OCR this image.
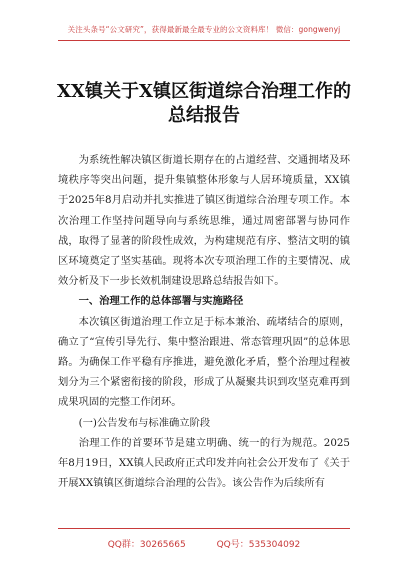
关注头条号“公文研究”，获得最新最全最专业的公文资料库！ 微信：gongwenyj
XX镇关于X镇区街道综合治理工作的
总结报告

为系统性解决镇区街道长期存在的占道经营、交通拥堵及环境秩序等突出问题，提升集镇整体形象与人居环境质量，XX镇于2025年8月启动并扎实推进了镇区街道综合治理专项工作。本次治理工作坚持问题导向与系统思维，通过周密部署与协同作战，取得了显著的阶段性成效，为构建规范有序、整洁文明的镇区环境奠定了坚实基础。现将本次专项治理工作的主要情况、成效分析及下一步长效机制建设思路总结报告如下。

一、治理工作的总体部署与实施路径

本次镇区街道治理工作立足于标本兼治、疏堵结合的原则，确立了“宣传引导先行、集中整治跟进、常态管理巩固”的总体思路。为确保工作平稳有序推进，避免激化矛盾，整个治理过程被划分为三个紧密衔接的阶段，形成了从凝聚共识到攻坚克难再到成果巩固的完整工作闭环。

(一)公告发布与标准确立阶段

治理工作的首要环节是建立明确、统一的行为规范。2025年8月19日，XX镇人民政府正式印发并向社会公开发布了《关于开展XX镇镇区街道综合治理的公告》。该公告作为后续所有

QQ群：30265665	QQ号：535304092
